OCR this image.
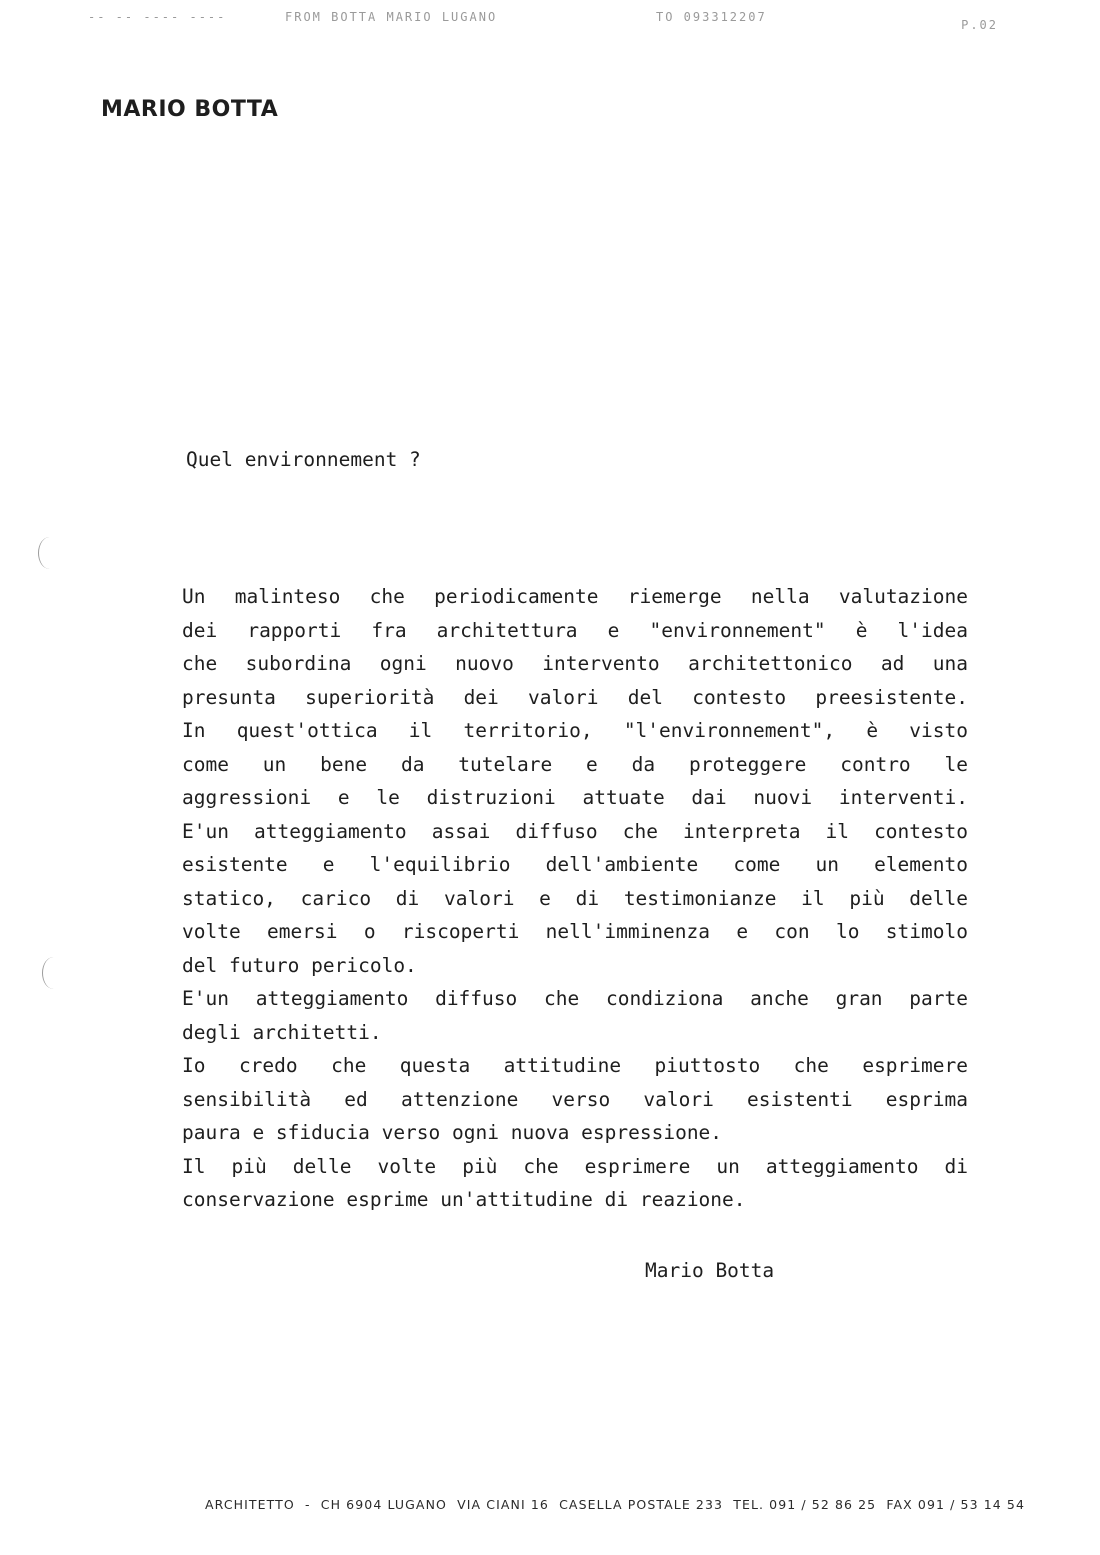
-- -- ---- ----	FROM BOTTA MARIO LUGANO	TO 093312207
P.02
MARIO BOTTA
Quel environnement ?
Un malinteso che periodicamente riemerge nella valutazione
dei rapporti fra architettura e "environnement" è l'idea
che subordina ogni nuovo intervento architettonico ad una
presunta superiorità dei valori del contesto preesistente.
In quest'ottica il territorio, "l'environnement", è visto
come un bene da tutelare e da proteggere contro le
aggressioni e le distruzioni attuate dai nuovi interventi.
E'un atteggiamento assai diffuso che interpreta il contesto
esistente e l'equilibrio dell'ambiente come un elemento
statico, carico di valori e di testimonianze il più delle
volte emersi o riscoperti nell'imminenza e con lo stimolo
del futuro pericolo.
E'un atteggiamento diffuso che condiziona anche gran parte
degli architetti.
Io credo che questa attitudine piuttosto che esprimere
sensibilità ed attenzione verso valori esistenti esprima
paura e sfiducia verso ogni nuova espressione.
Il più delle volte più che esprimere un atteggiamento di
conservazione esprime un'attitudine di reazione.
Mario Botta
ARCHITETTO  -  CH 6904 LUGANO  VIA CIANI 16  CASELLA POSTALE 233  TEL. 091 / 52 86 25  FAX 091 / 53 14 54
